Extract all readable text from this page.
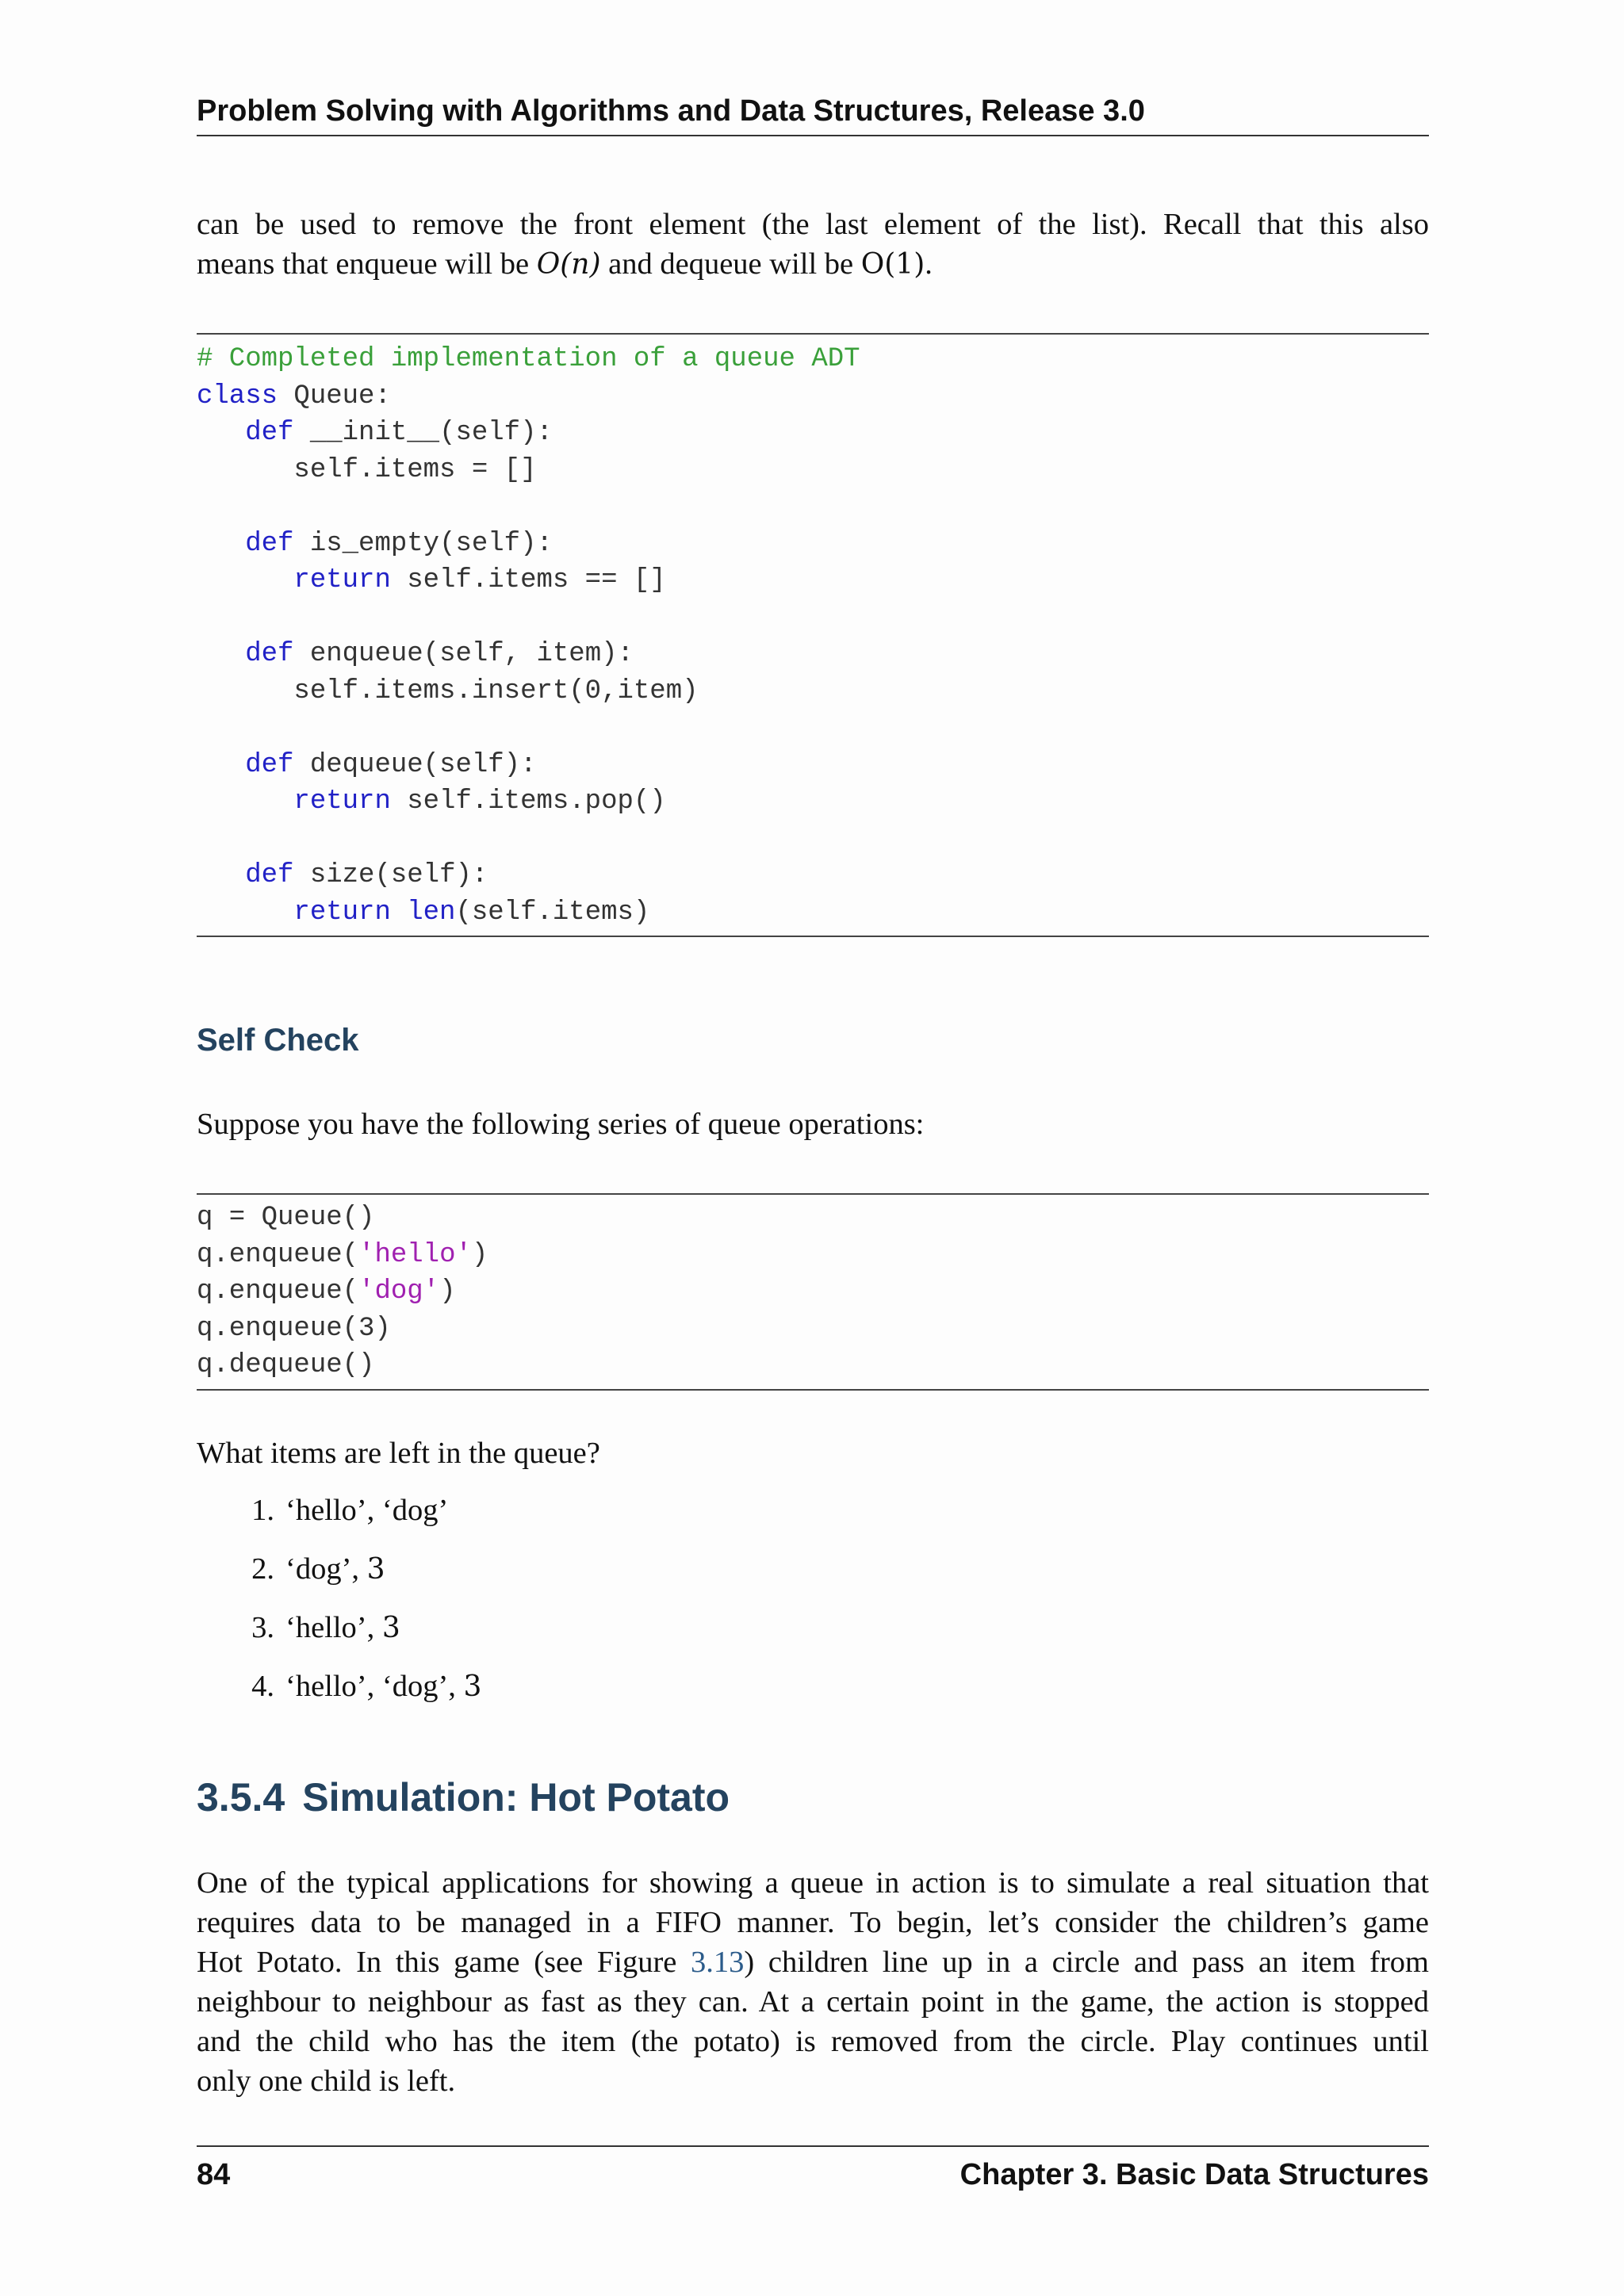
Problem Solving with Algorithms and Data Structures, Release 3.0

can be used to remove the front element (the last element of the list). Recall that this also

means that enqueue will be O(n) and dequeue will be O(1).

# Completed implementation of a queue ADT
class Queue:
def __init__(self):
self.items = []
def is_empty(self):
return self.items == []
def enqueue(self, item):
self.items.insert(0,item)
def dequeue(self):
return self.items.pop()
def size(self):
return len(self.items)
Self Check

Suppose you have the following series of queue operations:

q = Queue()
q.enqueue('hello')
q.enqueue('dog')
q.enqueue(3)
q.dequeue()

What items are left in the queue?

1. ‘hello’, ‘dog’
2. ‘dog’, 3
3. ‘hello’, 3
4. ‘hello’, ‘dog’, 3
3.5.4 Simulation: Hot Potato

One of the typical applications for showing a queue in action is to simulate a real situation that

requires data to be managed in a FIFO manner. To begin, let’s consider the children’s game

Hot Potato. In this game (see Figure 3.13) children line up in a circle and pass an item from

neighbour to neighbour as fast as they can. At a certain point in the game, the action is stopped

and the child who has the item (the potato) is removed from the circle. Play continues until

only one child is left.

84	Chapter 3. Basic Data Structures
